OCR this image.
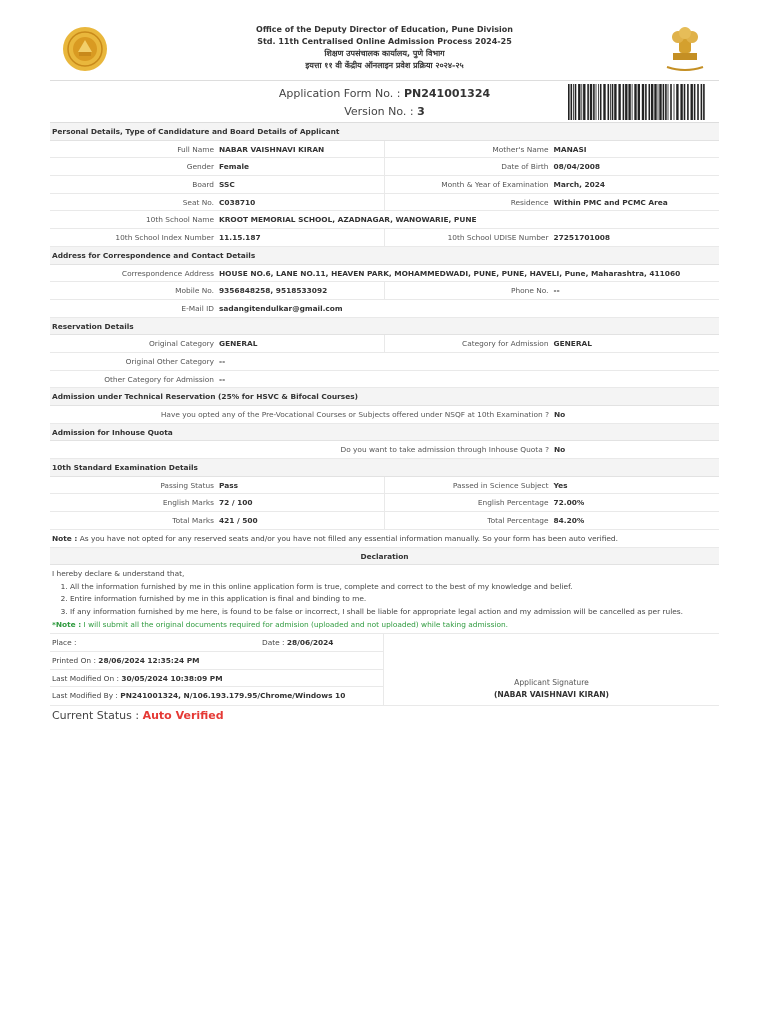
Office of the Deputy Director of Education, Pune Division
Std. 11th Centralised Online Admission Process 2024-25
शिक्षण उपसंचालक कार्यालय, पुणे विभाग
इयत्ता ११ वी केंद्रीय ऑनलाइन प्रवेश प्रक्रिया २०२४-२५
Application Form No. : PN241001324
Version No. : 3
Personal Details, Type of Candidature and Board Details of Applicant
Full Name NABAR VAISHNAVI KIRAN	Mother's Name MANASI
Gender Female	Date of Birth 08/04/2008
Board SSC	Month & Year of Examination March, 2024
Seat No. C038710	Residence Within PMC and PCMC Area
10th School Name KROOT MEMORIAL SCHOOL, AZADNAGAR, WANOWARIE, PUNE
10th School Index Number 11.15.187	10th School UDISE Number 27251701008
Address for Correspondence and Contact Details
Correspondence Address HOUSE NO.6, LANE NO.11, HEAVEN PARK, MOHAMMEDWADI, PUNE, PUNE, HAVELI, Pune, Maharashtra, 411060
Mobile No. 9356848258, 9518533092	Phone No. --
E-Mail ID sadangitendulkar@gmail.com
Reservation Details
Original Category GENERAL	Category for Admission GENERAL
Original Other Category --
Other Category for Admission --
Admission under Technical Reservation (25% for HSVC & Bifocal Courses)
Have you opted any of the Pre-Vocational Courses or Subjects offered under NSQF at 10th Examination ? No
Admission for Inhouse Quota
Do you want to take admission through Inhouse Quota ? No
10th Standard Examination Details
Passing Status Pass	Passed in Science Subject Yes
English Marks 72 / 100	English Percentage 72.00%
Total Marks 421 / 500	Total Percentage 84.20%
Note : As you have not opted for any reserved seats and/or you have not filled any essential information manually. So your form has been auto verified.
Declaration
I hereby declare & understand that,
1. All the information furnished by me in this online application form is true, complete and correct to the best of my knowledge and belief.
2. Entire information furnished by me in this application is final and binding to me.
3. If any information furnished by me here, is found to be false or incorrect, I shall be liable for appropriate legal action and my admission will be cancelled as per rules.
*Note : I will submit all the original documents required for admision (uploaded and not uploaded) while taking admission.
Place :	Date : 28/06/2024
Printed On :
28/06/2024 12:35:24 PM
Last Modified On :
30/05/2024 10:38:09 PM
Last Modified By :
PN241001324, N/106.193.179.95/Chrome/Windows 10
Applicant Signature
(NABAR VAISHNAVI KIRAN)
Current Status : Auto Verified
